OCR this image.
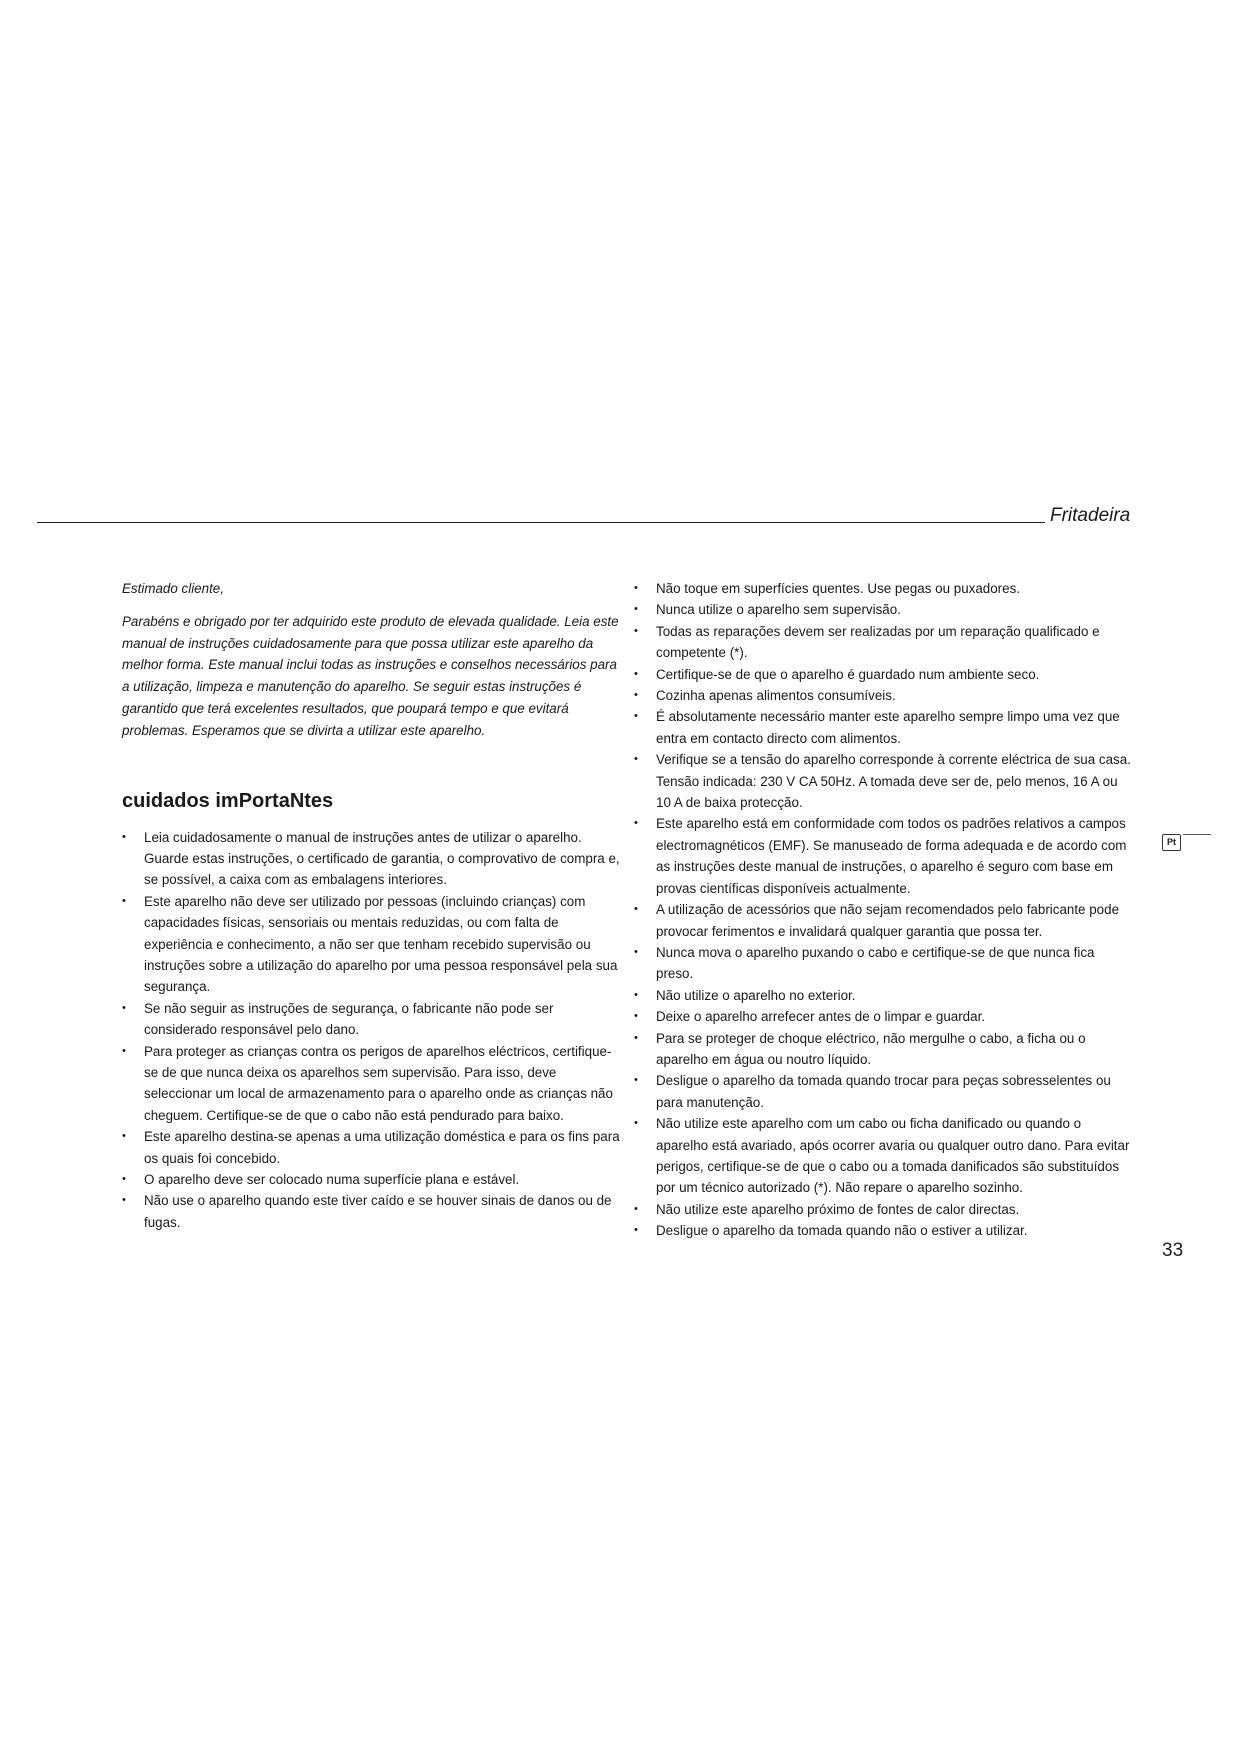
Fritadeira

Estimado cliente,

Parabéns e obrigado por ter adquirido este produto de elevada qualidade. Leia este manual de instruções cuidadosamente para que possa utilizar este aparelho da melhor forma. Este manual inclui todas as instruções e conselhos necessários para a utilização, limpeza e manutenção do aparelho. Se seguir estas instruções é garantido que terá excelentes resultados, que poupará tempo e que evitará problemas. Esperamos que se divirta a utilizar este aparelho.

cuidados imPortaNtes
• Leia cuidadosamente o manual de instruções antes de utilizar o aparelho. Guarde estas instruções, o certificado de garantia, o comprovativo de compra e, se possível, a caixa com as embalagens interiores.
• Este aparelho não deve ser utilizado por pessoas (incluindo crianças) com capacidades físicas, sensoriais ou mentais reduzidas, ou com falta de experiência e conhecimento, a não ser que tenham recebido supervisão ou instruções sobre a utilização do aparelho por uma pessoa responsável pela sua segurança.
• Se não seguir as instruções de segurança, o fabricante não pode ser considerado responsável pelo dano.
• Para proteger as crianças contra os perigos de aparelhos eléctricos, certifique-se de que nunca deixa os aparelhos sem supervisão. Para isso, deve seleccionar um local de armazenamento para o aparelho onde as crianças não cheguem. Certifique-se de que o cabo não está pendurado para baixo.
• Este aparelho destina-se apenas a uma utilização doméstica e para os fins para os quais foi concebido.
• O aparelho deve ser colocado numa superfície plana e estável.
• Não use o aparelho quando este tiver caído e se houver sinais de danos ou de fugas.
• Não toque em superfícies quentes. Use pegas ou puxadores.
• Nunca utilize o aparelho sem supervisão.
• Todas as reparações devem ser realizadas por um reparação qualificado e competente (*).
• Certifique-se de que o aparelho é guardado num ambiente seco.
• Cozinha apenas alimentos consumíveis.
• É absolutamente necessário manter este aparelho sempre limpo uma vez que entra em contacto directo com alimentos.
• Verifique se a tensão do aparelho corresponde à corrente eléctrica de sua casa. Tensão indicada: 230 V CA 50Hz. A tomada deve ser de, pelo menos, 16 A ou 10 A de baixa protecção.
• Este aparelho está em conformidade com todos os padrões relativos a campos electromagnéticos (EMF). Se manuseado de forma adequada e de acordo com as instruções deste manual de instruções, o aparelho é seguro com base em provas científicas disponíveis actualmente.
• A utilização de acessórios que não sejam recomendados pelo fabricante pode provocar ferimentos e invalidará qualquer garantia que possa ter.
• Nunca mova o aparelho puxando o cabo e certifique-se de que nunca fica preso.
• Não utilize o aparelho no exterior.
• Deixe o aparelho arrefecer antes de o limpar e guardar.
• Para se proteger de choque eléctrico, não mergulhe o cabo, a ficha ou o aparelho em água ou noutro líquido.
• Desligue o aparelho da tomada quando trocar para peças sobresselentes ou para manutenção.
• Não utilize este aparelho com um cabo ou ficha danificado ou quando o aparelho está avariado, após ocorrer avaria ou qualquer outro dano. Para evitar perigos, certifique-se de que o cabo ou a tomada danificados são substituídos por um técnico autorizado (*). Não repare o aparelho sozinho.
• Não utilize este aparelho próximo de fontes de calor directas.
• Desligue o aparelho da tomada quando não o estiver a utilizar.
Pt
33
